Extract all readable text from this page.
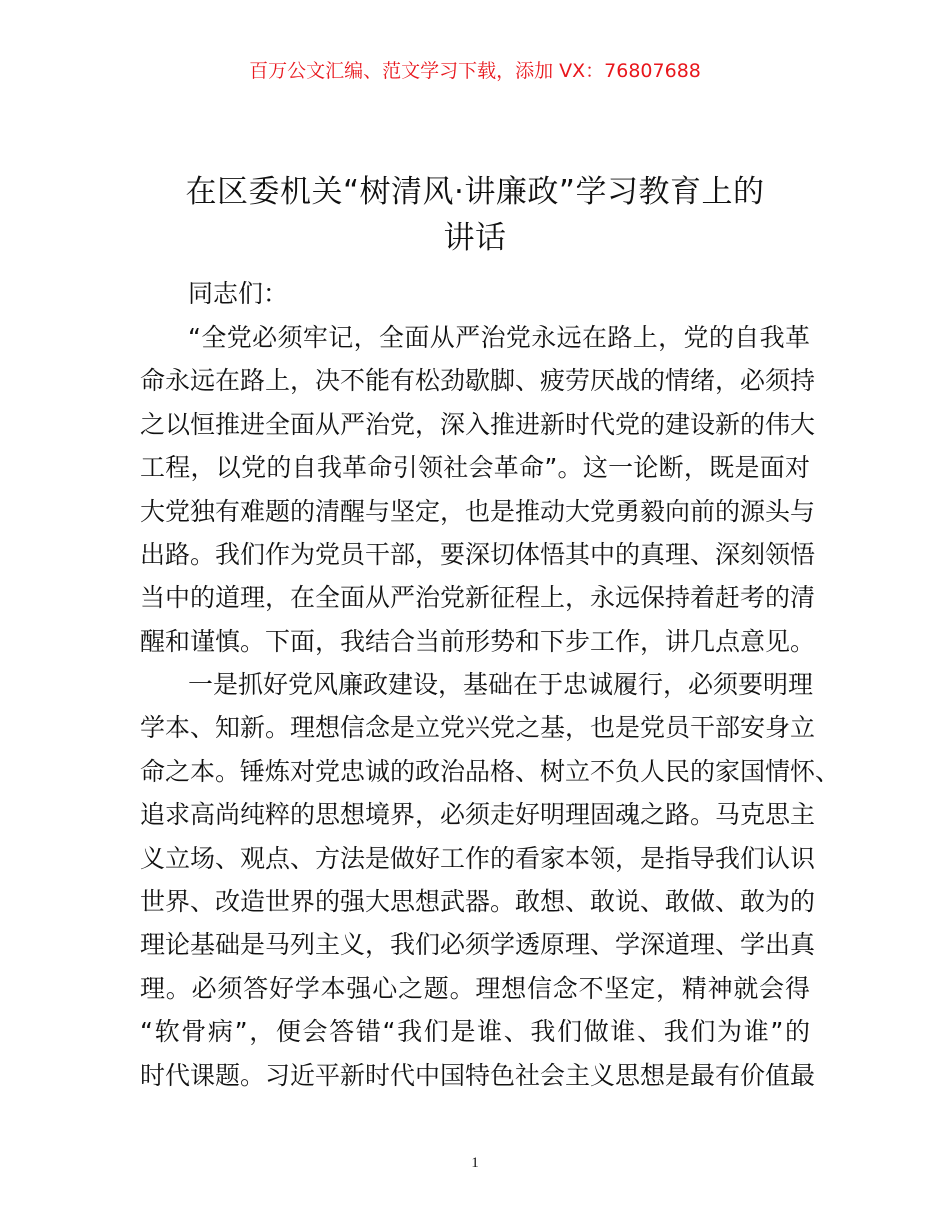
百万公文汇编、范文学习下载，添加 VX：76807688
在区委机关“树清风·讲廉政”学习教育上的
讲话
同志们：
“全党必须牢记，全面从严治党永远在路上，党的自我革
命永远在路上，决不能有松劲歇脚、疲劳厌战的情绪，必须持
之以恒推进全面从严治党，深入推进新时代党的建设新的伟大
工程，以党的自我革命引领社会革命”。这一论断，既是面对
大党独有难题的清醒与坚定，也是推动大党勇毅向前的源头与
出路。我们作为党员干部，要深切体悟其中的真理、深刻领悟
当中的道理，在全面从严治党新征程上，永远保持着赶考的清
醒和谨慎。下面，我结合当前形势和下步工作，讲几点意见。
一是抓好党风廉政建设，基础在于忠诚履行，必须要明理
学本、知新。理想信念是立党兴党之基，也是党员干部安身立
命之本。锤炼对党忠诚的政治品格、树立不负人民的家国情怀、
追求高尚纯粹的思想境界，必须走好明理固魂之路。马克思主
义立场、观点、方法是做好工作的看家本领，是指导我们认识
世界、改造世界的强大思想武器。敢想、敢说、敢做、敢为的
理论基础是马列主义，我们必须学透原理、学深道理、学出真
理。必须答好学本强心之题。理想信念不坚定，精神就会得
“软骨病”，便会答错“我们是谁、我们做谁、我们为谁”的
时代课题。习近平新时代中国特色社会主义思想是最有价值最
1
